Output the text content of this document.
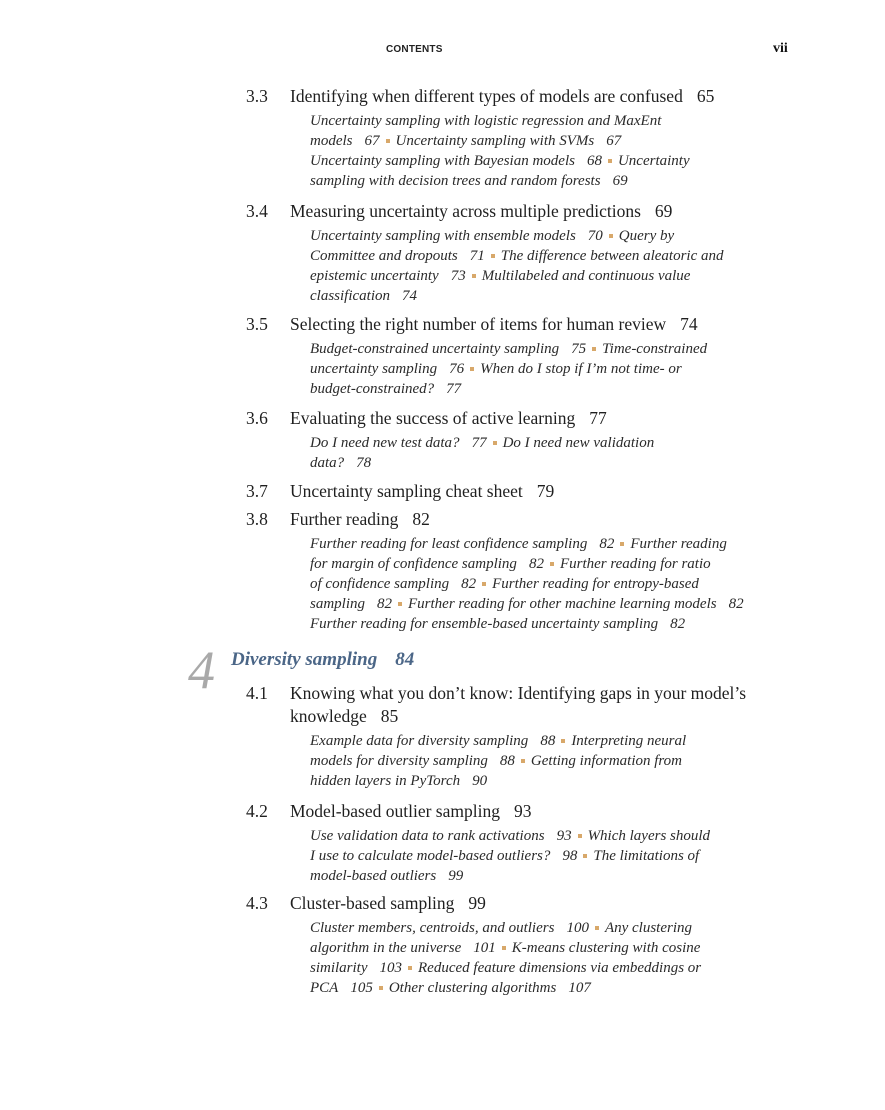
CONTENTS	vii
4 Diversity sampling 84
3.3 Identifying when different types of models are confused 65
Uncertainty sampling with logistic regression and MaxEnt
models 67 Uncertainty sampling with SVMs 67
Uncertainty sampling with Bayesian models 68 Uncertainty
sampling with decision trees and random forests 69
3.4 Measuring uncertainty across multiple predictions 69
Uncertainty sampling with ensemble models 70 Query by
Committee and dropouts 71 The difference between aleatoric and
epistemic uncertainty 73 Multilabeled and continuous value
classification 74
3.5 Selecting the right number of items for human review 74
Budget-constrained uncertainty sampling 75 Time-constrained
uncertainty sampling 76 When do I stop if I’m not time- or
budget-constrained? 77
3.6 Evaluating the success of active learning 77
Do I need new test data? 77 Do I need new validation
data? 78
3.7 Uncertainty sampling cheat sheet 79
3.8 Further reading 82
Further reading for least confidence sampling 82 Further reading
for margin of confidence sampling 82 Further reading for ratio
of confidence sampling 82 Further reading for entropy-based
sampling 82 Further reading for other machine learning models 82
Further reading for ensemble-based uncertainty sampling 82
4.1 Knowing what you don’t know: Identifying gaps in your model’s
knowledge 85
Example data for diversity sampling 88 Interpreting neural
models for diversity sampling 88 Getting information from
hidden layers in PyTorch 90
4.2 Model-based outlier sampling 93
Use validation data to rank activations 93 Which layers should
I use to calculate model-based outliers? 98 The limitations of
model-based outliers 99
4.3 Cluster-based sampling 99
Cluster members, centroids, and outliers 100 Any clustering
algorithm in the universe 101 K-means clustering with cosine
similarity 103 Reduced feature dimensions via embeddings or
PCA 105 Other clustering algorithms 107
